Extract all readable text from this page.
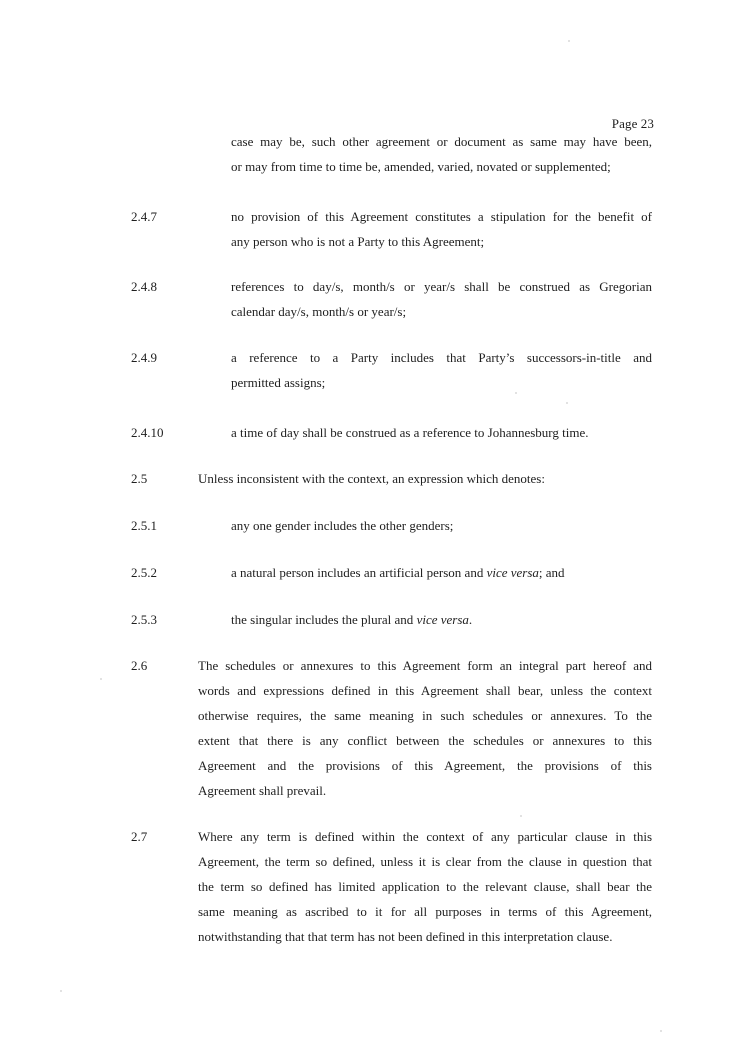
Page 23
case may be, such other agreement or document as same may have been,
or may from time to time be, amended, varied, novated or supplemented;
2.4.7	no provision of this Agreement constitutes a stipulation for the benefit of
any person who is not a Party to this Agreement;
2.4.8	references to day/s, month/s or year/s shall be construed as Gregorian
calendar day/s, month/s or year/s;
2.4.9	a reference to a Party includes that Party’s successors-in-title and
permitted assigns;
2.4.10	a time of day shall be construed as a reference to Johannesburg time.
2.5	Unless inconsistent with the context, an expression which denotes:
2.5.1	any one gender includes the other genders;
2.5.2	a natural person includes an artificial person and vice versa; and
2.5.3	the singular includes the plural and vice versa.
2.6	The schedules or annexures to this Agreement form an integral part hereof and
words and expressions defined in this Agreement shall bear, unless the context
otherwise requires, the same meaning in such schedules or annexures. To the
extent that there is any conflict between the schedules or annexures to this
Agreement and the provisions of this Agreement, the provisions of this
Agreement shall prevail.
2.7	Where any term is defined within the context of any particular clause in this
Agreement, the term so defined, unless it is clear from the clause in question that
the term so defined has limited application to the relevant clause, shall bear the
same meaning as ascribed to it for all purposes in terms of this Agreement,
notwithstanding that that term has not been defined in this interpretation clause.
